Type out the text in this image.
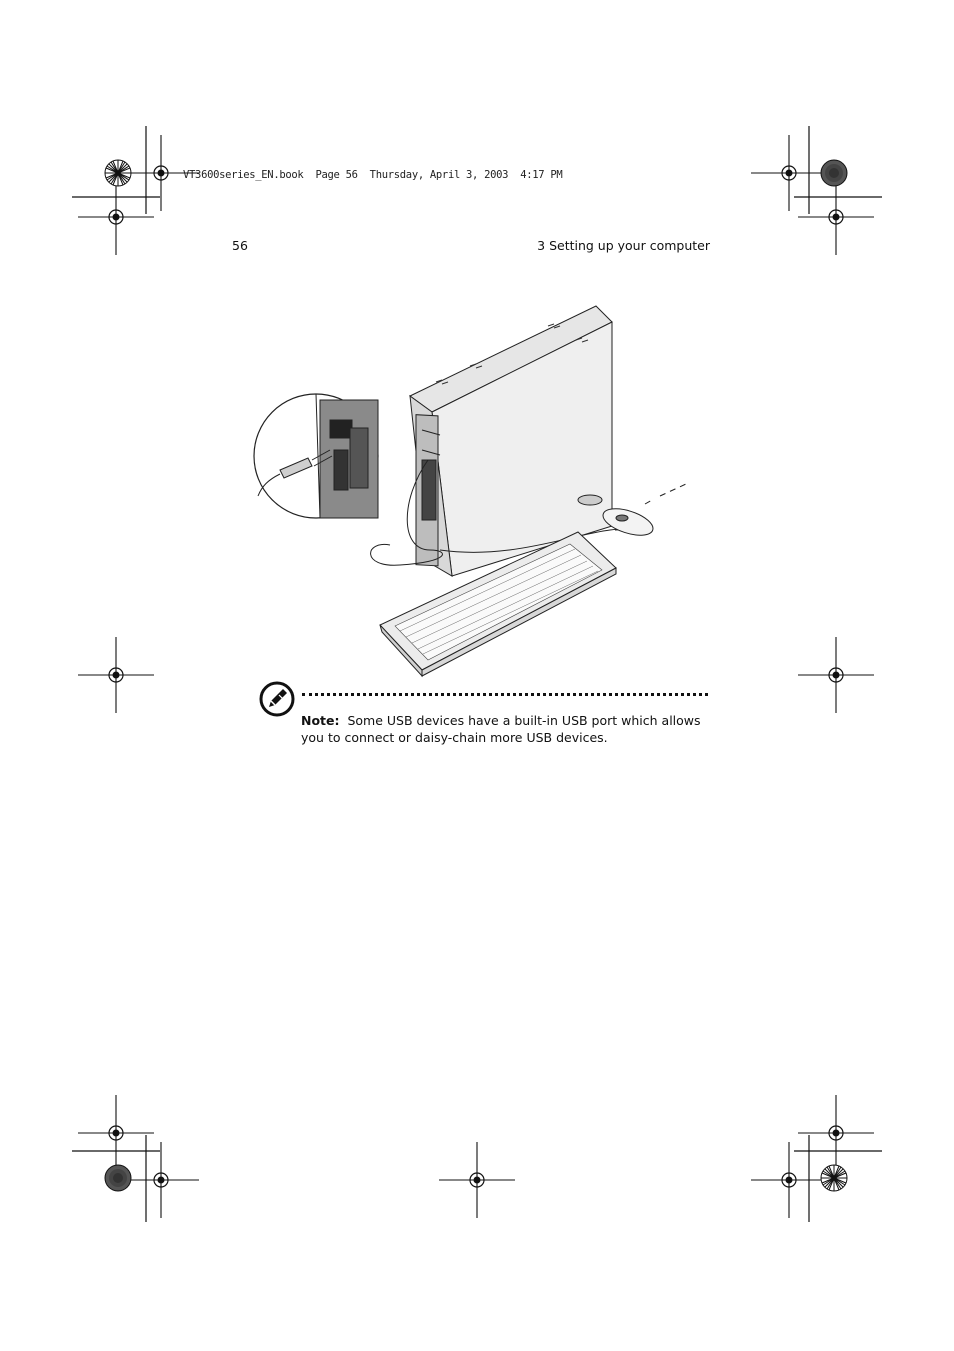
VT3600series_EN.book  Page 56  Thursday, April 3, 2003  4:17 PM
56	3 Setting up your computer
Note: Some USB devices have a built-in USB port which allows you to connect or daisy-chain more USB devices.
